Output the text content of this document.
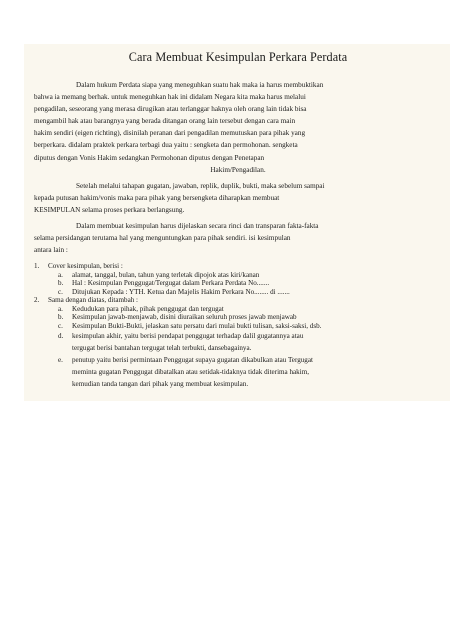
Cara Membuat Kesimpulan Perkara Perdata
Dalam hukum Perdata siapa yang meneguhkan suatu hak maka ia harus membuktikan
bahwa ia memang berhak. untuk meneguhkan hak ini didalam Negara kita maka harus melalui
pengadilan, seseorang yang merasa dirugikan atau terlanggar haknya oleh orang lain tidak bisa
mengambil hak atau barangnya yang berada ditangan orang lain tersebut dengan cara main
hakim sendiri (eigen richting), disinilah peranan dari pengadilan memutuskan para pihak yang
berperkara. didalam praktek perkara terbagi dua yaitu : sengketa dan permohonan. sengketa
diputus dengan Vonis Hakim sedangkan Permohonan diputus dengan Penetapan

Hakim/Pengadilan.
Setelah melalui tahapan gugatan, jawaban, replik, duplik, bukti, maka sebelum sampai
kepada putusan hakim/vonis maka para pihak yang bersengketa diharapkan membuat
KESIMPULAN selama proses perkara berlangsung.
Dalam membuat kesimpulan harus dijelaskan secara rinci dan transparan fakta-fakta
selama persidangan terutama hal yang menguntungkan para pihak sendiri. isi kesimpulan
antara lain :
1. Cover kesimpulan, berisi :
a. alamat, tanggal, bulan, tahun yang terletak dipojok atas kiri/kanan
b. Hal : Kesimpulan Penggugat/Tergugat dalam Perkara Perdata No.......
c. Ditujukan Kepada : YTH. Ketua dan Majelis Hakim Perkara No........ di .......
2. Sama dengan diatas, ditambah :
a. Kedudukan para pihak, pihak penggugat dan tergugat
b. Kesimpulan jawab-menjawab, disini diuraikan seluruh proses jawab menjawab
c. Kesimpulan Bukti-Bukti, jelaskan satu persatu dari mulai bukti tulisan, saksi-saksi, dsb.
d. kesimpulan akhir, yaitu berisi pendapat penggugat terhadap dalil gugatannya atau
tergugat berisi bantahan tergugat telah terbukti, dansebagainya.
e. penutup yaitu berisi permintaan Penggugat supaya gugatan dikabulkan atau Tergugat
meminta gugatan Penggugat dibatalkan atau setidak-tidaknya tidak diterima hakim,
kemudian tanda tangan dari pihak yang membuat kesimpulan.
